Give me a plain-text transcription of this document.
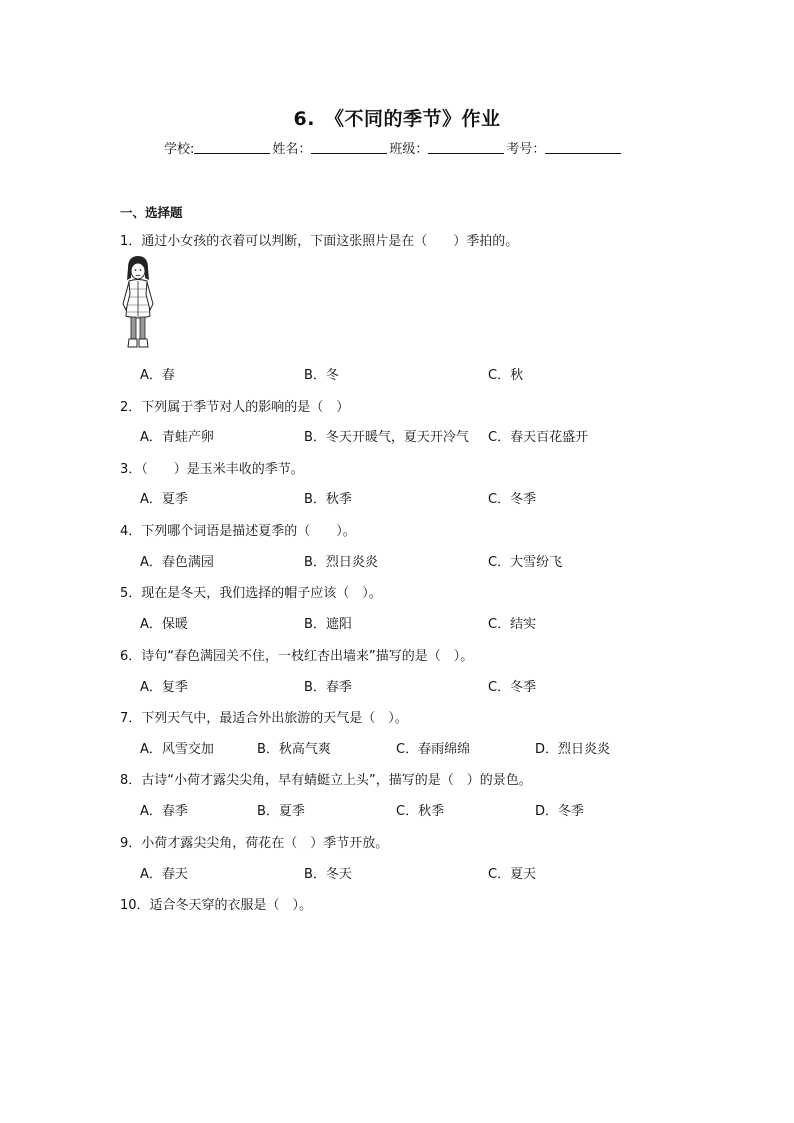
6.　《不同的季节》作业
学校:	姓名：	班级：	考号：
一、选择题
1．通过小女孩的衣着可以判断，下面这张照片是在（　　）季拍的。
A．春	B．冬	C．秋
2．下列属于季节对人的影响的是（　）
A．青蛙产卵	B．冬天开暖气，夏天开冷气 C．春天百花盛开
3．（　　）是玉米丰收的季节。
A．夏季	B．秋季	C．冬季
4．下列哪个词语是描述夏季的（　　）。
A．春色满园	B．烈日炎炎	C．大雪纷飞
5．现在是冬天，我们选择的帽子应该（　）。
A．保暖	B．遮阳	C．结实
6．诗句“春色满园关不住，一枝红杏出墙来”描写的是（　）。
A．复季	B．春季	C．冬季
7．下列天气中，最适合外出旅游的天气是（　）。
A．风雪交加	B．秋高气爽	C．春雨绵绵	D．烈日炎炎
8．古诗“小荷才露尖尖角，早有蜻蜓立上头”，描写的是（　）的景色。
A．春季	B．夏季	C．秋季	D．冬季
9．小荷才露尖尖角，荷花在（　）季节开放。
A．春天	B．冬天	C．夏天
10．适合冬天穿的衣服是（　）。
